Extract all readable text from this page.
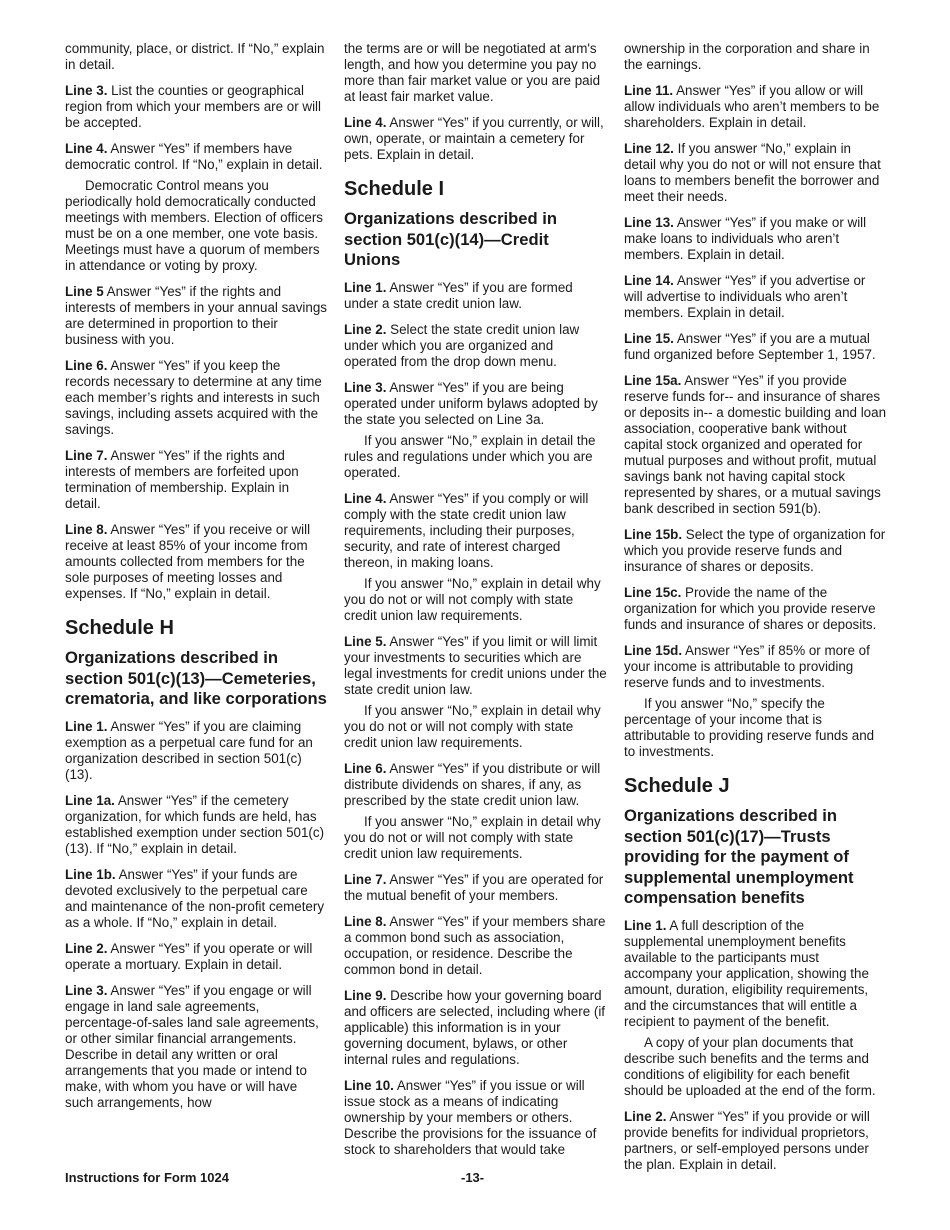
community, place, or district. If “No,” explain in detail.

Line 3. List the counties or geographical region from which your members are or will be accepted.

Line 4. Answer “Yes” if members have democratic control. If “No,” explain in detail.

Democratic Control means you periodically hold democratically conducted meetings with members. Election of officers must be on a one member, one vote basis. Meetings must have a quorum of members in attendance or voting by proxy.

Line 5 Answer “Yes” if the rights and interests of members in your annual savings are determined in proportion to their business with you.

Line 6. Answer “Yes” if you keep the records necessary to determine at any time each member’s rights and interests in such savings, including assets acquired with the savings.

Line 7. Answer “Yes” if the rights and interests of members are forfeited upon termination of membership. Explain in detail.

Line 8. Answer “Yes” if you receive or will receive at least 85% of your income from amounts collected from members for the sole purposes of meeting losses and expenses. If “No,” explain in detail.

Schedule H
Organizations described in section 501(c)(13)—Cemeteries, crematoria, and like corporations

Line 1. Answer “Yes” if you are claiming exemption as a perpetual care fund for an organization described in section 501(c)(13).

Line 1a. Answer “Yes” if the cemetery organization, for which funds are held, has established exemption under section 501(c)(13). If “No,” explain in detail.

Line 1b. Answer “Yes” if your funds are devoted exclusively to the perpetual care and maintenance of the non-profit cemetery as a whole. If “No,” explain in detail.

Line 2. Answer “Yes” if you operate or will operate a mortuary. Explain in detail.

Line 3. Answer “Yes” if you engage or will engage in land sale agreements, percentage-of-sales land sale agreements, or other similar financial arrangements. Describe in detail any written or oral arrangements that you made or intend to make, with whom you have or will have such arrangements, how

the terms are or will be negotiated at arm's length, and how you determine you pay no more than fair market value or you are paid at least fair market value.

Line 4. Answer “Yes” if you currently, or will, own, operate, or maintain a cemetery for pets. Explain in detail.

Schedule I
Organizations described in section 501(c)(14)—Credit Unions

Line 1. Answer “Yes” if you are formed under a state credit union law.

Line 2. Select the state credit union law under which you are organized and operated from the drop down menu.

Line 3. Answer “Yes” if you are being operated under uniform bylaws adopted by the state you selected on Line 3a.

If you answer “No,” explain in detail the rules and regulations under which you are operated.

Line 4. Answer “Yes” if you comply or will comply with the state credit union law requirements, including their purposes, security, and rate of interest charged thereon, in making loans.

If you answer “No,” explain in detail why you do not or will not comply with state credit union law requirements.

Line 5. Answer “Yes” if you limit or will limit your investments to securities which are legal investments for credit unions under the state credit union law.

If you answer “No,” explain in detail why you do not or will not comply with state credit union law requirements.

Line 6. Answer “Yes” if you distribute or will distribute dividends on shares, if any, as prescribed by the state credit union law.

If you answer “No,” explain in detail why you do not or will not comply with state credit union law requirements.

Line 7. Answer “Yes” if you are operated for the mutual benefit of your members.

Line 8. Answer “Yes” if your members share a common bond such as association, occupation, or residence. Describe the common bond in detail.

Line 9. Describe how your governing board and officers are selected, including where (if applicable) this information is in your governing document, bylaws, or other internal rules and regulations.

Line 10. Answer “Yes” if you issue or will issue stock as a means of indicating ownership by your members or others. Describe the provisions for the issuance of stock to shareholders that would take

ownership in the corporation and share in the earnings.

Line 11. Answer “Yes” if you allow or will allow individuals who aren’t members to be shareholders. Explain in detail.

Line 12. If you answer “No,” explain in detail why you do not or will not ensure that loans to members benefit the borrower and meet their needs.

Line 13. Answer “Yes” if you make or will make loans to individuals who aren’t members. Explain in detail.

Line 14. Answer “Yes” if you advertise or will advertise to individuals who aren’t members. Explain in detail.

Line 15. Answer “Yes” if you are a mutual fund organized before September 1, 1957.

Line 15a. Answer “Yes” if you provide reserve funds for-- and insurance of shares or deposits in-- a domestic building and loan association, cooperative bank without capital stock organized and operated for mutual purposes and without profit, mutual savings bank not having capital stock represented by shares, or a mutual savings bank described in section 591(b).

Line 15b. Select the type of organization for which you provide reserve funds and insurance of shares or deposits.

Line 15c. Provide the name of the organization for which you provide reserve funds and insurance of shares or deposits.

Line 15d. Answer “Yes” if 85% or more of your income is attributable to providing reserve funds and to investments.

If you answer “No,” specify the percentage of your income that is attributable to providing reserve funds and to investments.

Schedule J
Organizations described in section 501(c)(17)—Trusts providing for the payment of supplemental unemployment compensation benefits

Line 1. A full description of the supplemental unemployment benefits available to the participants must accompany your application, showing the amount, duration, eligibility requirements, and the circumstances that will entitle a recipient to payment of the benefit.

A copy of your plan documents that describe such benefits and the terms and conditions of eligibility for each benefit should be uploaded at the end of the form.

Line 2. Answer “Yes” if you provide or will provide benefits for individual proprietors, partners, or self-employed persons under the plan. Explain in detail.

Instructions for Form 1024	-13-
